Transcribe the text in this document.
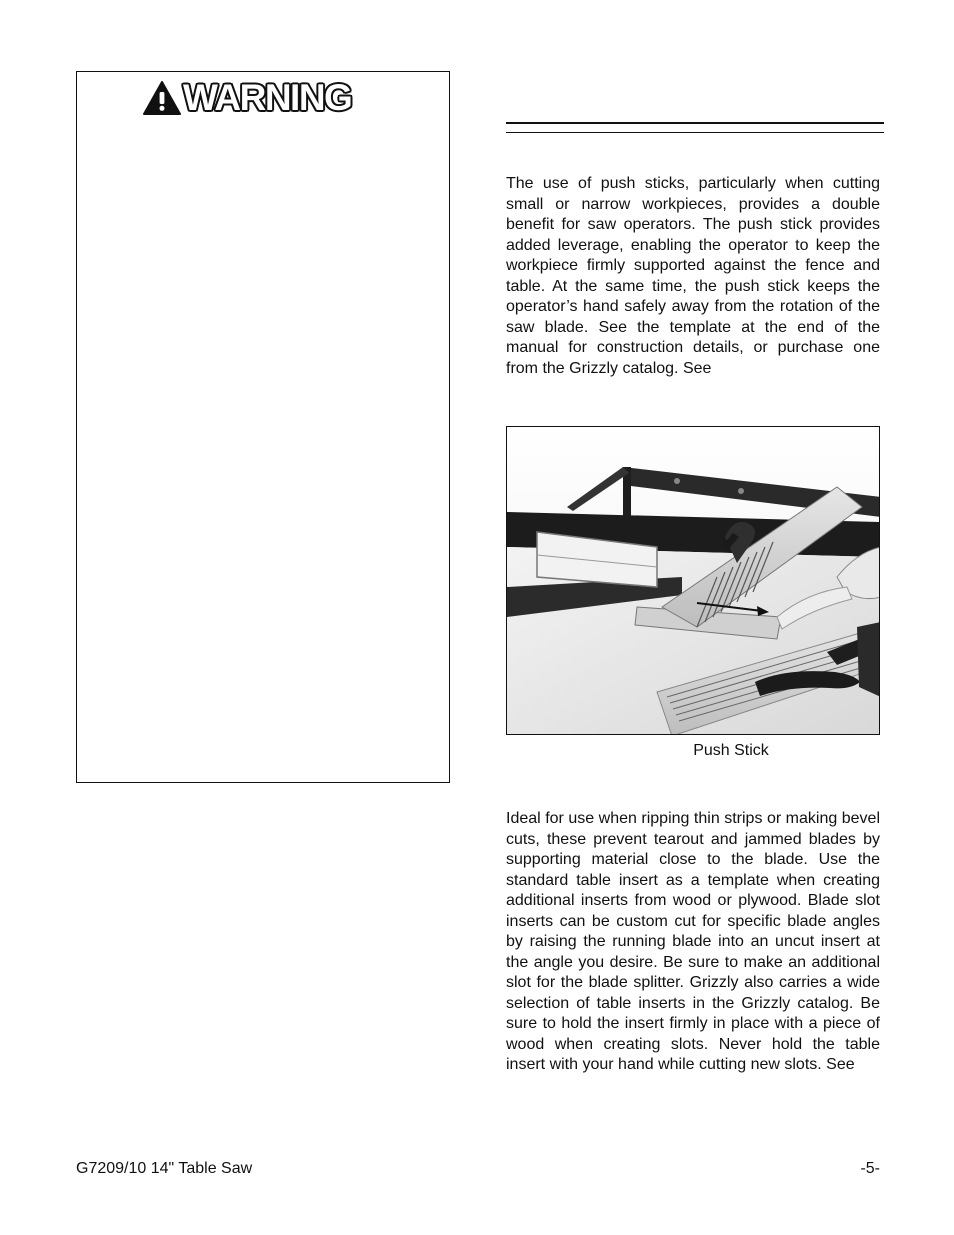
WARNING

The use of push sticks, particularly when cutting small or narrow workpieces, provides a double benefit for saw operators. The push stick provides added leverage, enabling the operator to keep the workpiece firmly supported against the fence and table. At the same time, the push stick keeps the operator’s hand safely away from the rotation of the saw blade. See the template at the end of the manual for construction details, or purchase one from the Grizzly catalog. See

Push Stick

Ideal for use when ripping thin strips or making bevel cuts, these prevent tearout and jammed blades by supporting material close to the blade. Use the standard table insert as a template when creating additional inserts from wood or plywood. Blade slot inserts can be custom cut for specific blade angles by raising the running blade into an uncut insert at the angle you desire. Be sure to make an additional slot for the blade splitter. Grizzly also carries a wide selection of table inserts in the Grizzly catalog. Be sure to hold the insert firmly in place with a piece of wood when creating slots. Never hold the table insert with your hand while cutting new slots. See

G7209/10 14" Table Saw	-5-
